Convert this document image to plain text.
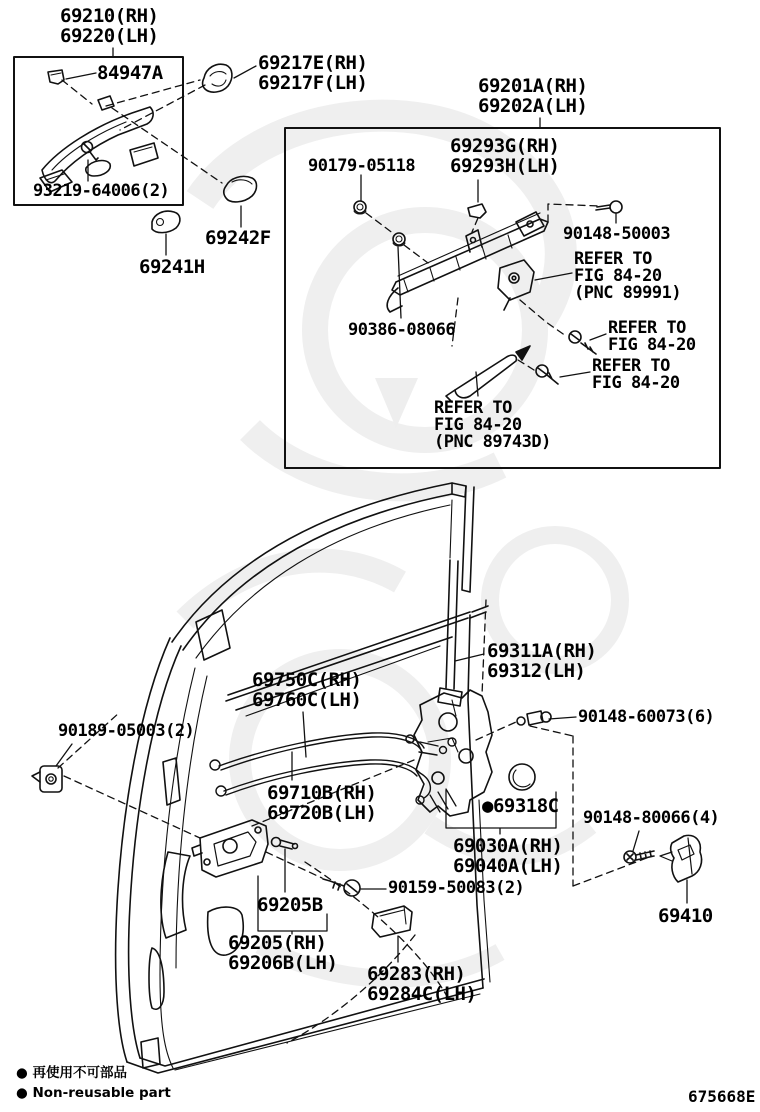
69210(RH)
69220(LH)
84947A
93219-64006(2)
69217E(RH)
69217F(LH)
69242F
69241H
69201A(RH)
69202A(LH)
90179-05118
69293G(RH)
69293H(LH)
90148-50003
REFER TO
FIG 84-20
(PNC 89991)
90386-08066	REFER TO
FIG 84-20
REFER TO
FIG 84-20
REFER TO
FIG 84-20
(PNC 89743D)
69311A(RH)
69312(LH)
69750C(RH)
69760C(LH)
90189-05003(2)
90148-60073(6)
69710B(RH)
69720B(LH)	●69318C
90148-80066(4)
69030A(RH)
69040A(LH)
90159-50083(2)
69410
69205B
69205(RH)
69206B(LH) 69283(RH)
69284C(LH)
● 再使用不可部品
● Non-reusable part	675668E
